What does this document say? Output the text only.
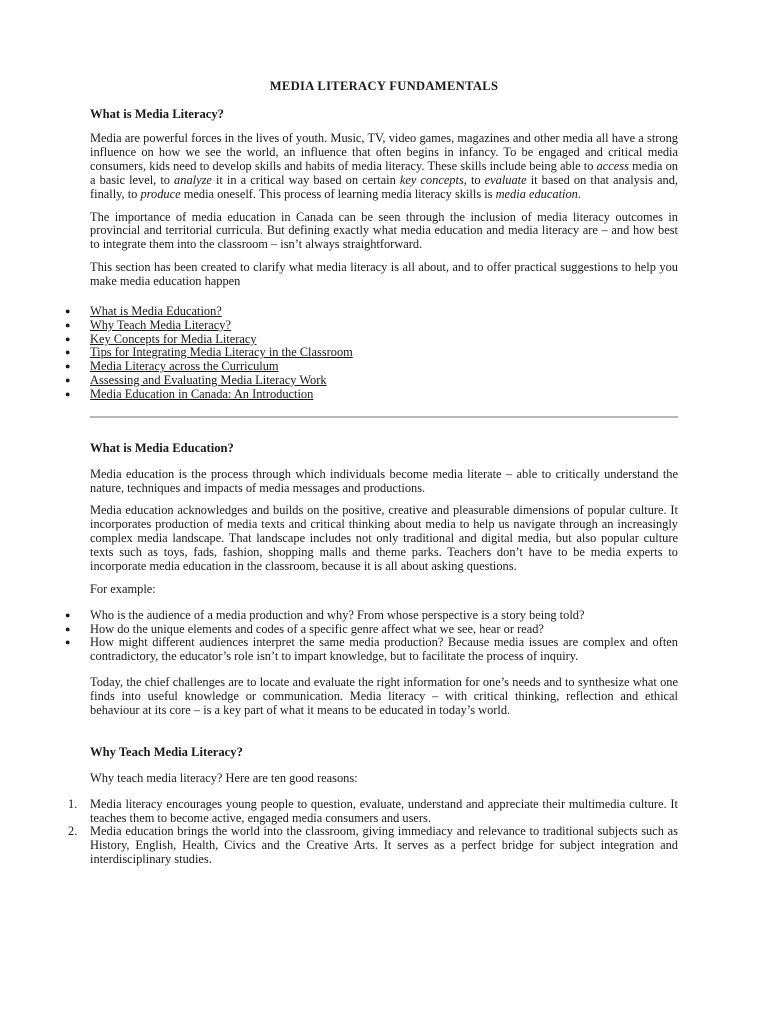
MEDIA LITERACY FUNDAMENTALS
What is Media Literacy?

Media are powerful forces in the lives of youth. Music, TV, video games, magazines and other media all have a strong influence on how we see the world, an influence that often begins in infancy. To be engaged and critical media consumers, kids need to develop skills and habits of media literacy. These skills include being able to access media on a basic level, to analyze it in a critical way based on certain key concepts, to evaluate it based on that analysis and, finally, to produce media oneself. This process of learning media literacy skills is media education.

The importance of media education in Canada can be seen through the inclusion of media literacy outcomes in provincial and territorial curricula. But defining exactly what media education and media literacy are – and how best to integrate them into the classroom – isn’t always straightforward.

This section has been created to clarify what media literacy is all about, and to offer practical suggestions to help you make media education happen

● What is Media Education?
● Why Teach Media Literacy?
● Key Concepts for Media Literacy
● Tips for Integrating Media Literacy in the Classroom
● Media Literacy across the Curriculum
● Assessing and Evaluating Media Literacy Work
● Media Education in Canada: An Introduction
What is Media Education?

Media education is the process through which individuals become media literate – able to critically understand the nature, techniques and impacts of media messages and productions.

Media education acknowledges and builds on the positive, creative and pleasurable dimensions of popular culture. It incorporates production of media texts and critical thinking about media to help us navigate through an increasingly complex media landscape. That landscape includes not only traditional and digital media, but also popular culture texts such as toys, fads, fashion, shopping malls and theme parks. Teachers don’t have to be media experts to incorporate media education in the classroom, because it is all about asking questions.

For example:

● Who is the audience of a media production and why? From whose perspective is a story being told?
● How do the unique elements and codes of a specific genre affect what we see, hear or read?
● How might different audiences interpret the same media production? Because media issues are complex and often contradictory, the educator’s role isn’t to impart knowledge, but to facilitate the process of inquiry.

Today, the chief challenges are to locate and evaluate the right information for one’s needs and to synthesize what one finds into useful knowledge or communication. Media literacy – with critical thinking, reflection and ethical behaviour at its core – is a key part of what it means to be educated in today’s world.

Why Teach Media Literacy?

Why teach media literacy? Here are ten good reasons:

1. Media literacy encourages young people to question, evaluate, understand and appreciate their multimedia culture. It teaches them to become active, engaged media consumers and users.
2. Media education brings the world into the classroom, giving immediacy and relevance to traditional subjects such as History, English, Health, Civics and the Creative Arts. It serves as a perfect bridge for subject integration and interdisciplinary studies.
